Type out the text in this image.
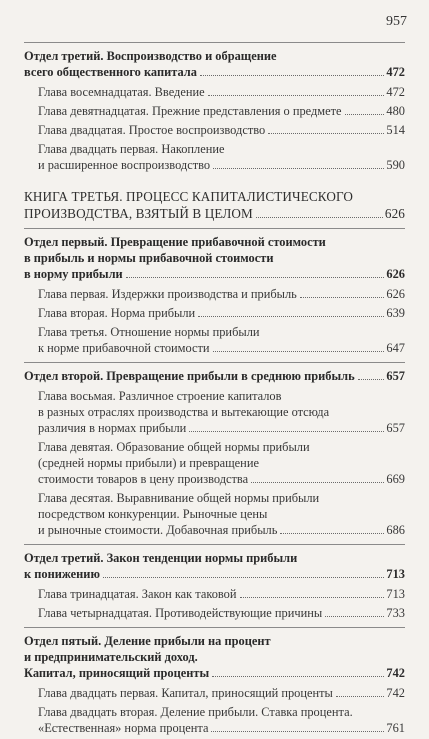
957
Отдел третий. Воспроизводство и обращение
всего общественного капитала	472
Глава восемнадцатая. Введение	472
Глава девятнадцатая. Прежние представления о предмете	480
Глава двадцатая. Простое воспроизводство	514
Глава двадцать первая. Накопление
и расширенное воспроизводство	590
КНИГА ТРЕТЬЯ. ПРОЦЕСС КАПИТАЛИСТИЧЕСКОГО
ПРОИЗВОДСТВА, ВЗЯТЫЙ В ЦЕЛОМ	626
Отдел первый. Превращение прибавочной стоимости
в прибыль и нормы прибавочной стоимости
в норму прибыли	626
Глава первая. Издержки производства и прибыль	626
Глава вторая. Норма прибыли	639
Глава третья. Отношение нормы прибыли
к норме прибавочной стоимости	647
Отдел второй. Превращение прибыли в среднюю прибыль	657
Глава восьмая. Различное строение капиталов
в разных отраслях производства и вытекающие отсюда
различия в нормах прибыли	657
Глава девятая. Образование общей нормы прибыли
(средней нормы прибыли) и превращение
стоимости товаров в цену производства	669
Глава десятая. Выравнивание общей нормы прибыли
посредством конкуренции. Рыночные цены
и рыночные стоимости. Добавочная прибыль	686
Отдел третий. Закон тенденции нормы прибыли
к понижению	713
Глава тринадцатая. Закон как таковой	713
Глава четырнадцатая. Противодействующие причины	733
Отдел пятый. Деление прибыли на процент
и предпринимательский доход.
Капитал, приносящий проценты	742
Глава двадцать первая. Капитал, приносящий проценты	742
Глава двадцать вторая. Деление прибыли. Ставка процента.
«Естественная» норма процента	761
